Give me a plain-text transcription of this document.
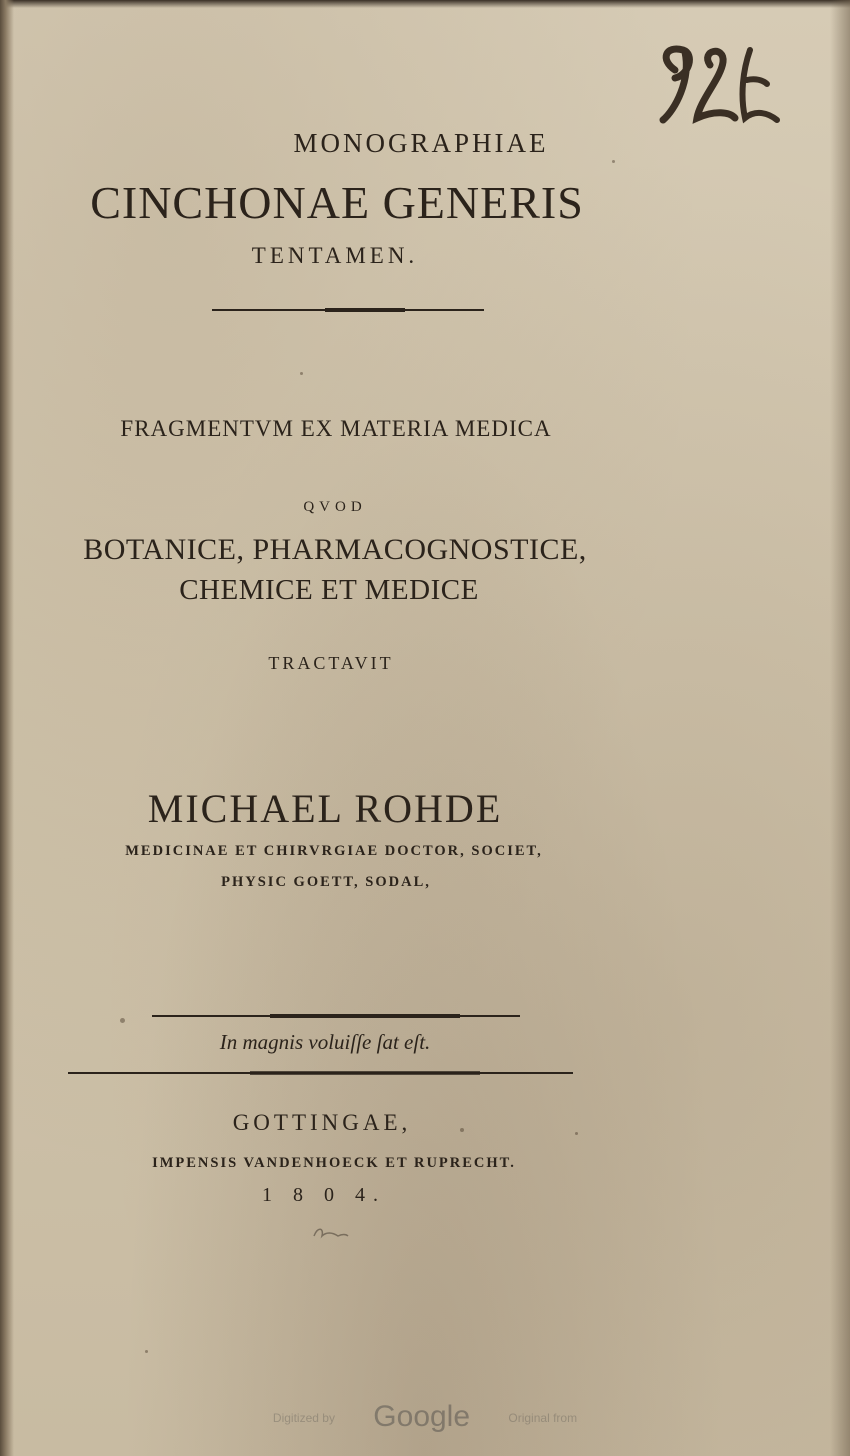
MONOGRAPHIAE
CINCHONAE GENERIS
TENTAMEN.
FRAGMENTVM EX MATERIA MEDICA
QVOD
BOTANICE, PHARMACOGNOSTICE,
CHEMICE ET MEDICE
TRACTAVIT
MICHAEL ROHDE
MEDICINAE ET CHIRVRGIAE DOCTOR, SOCIET,
PHYSIC GOETT, SODAL,
In magnis voluiſſe ſat eſt.
GOTTINGAE,
IMPENSIS VANDENHOECK ET RUPRECHT.
1 8 0 4.
Digitized by Google	Original from
